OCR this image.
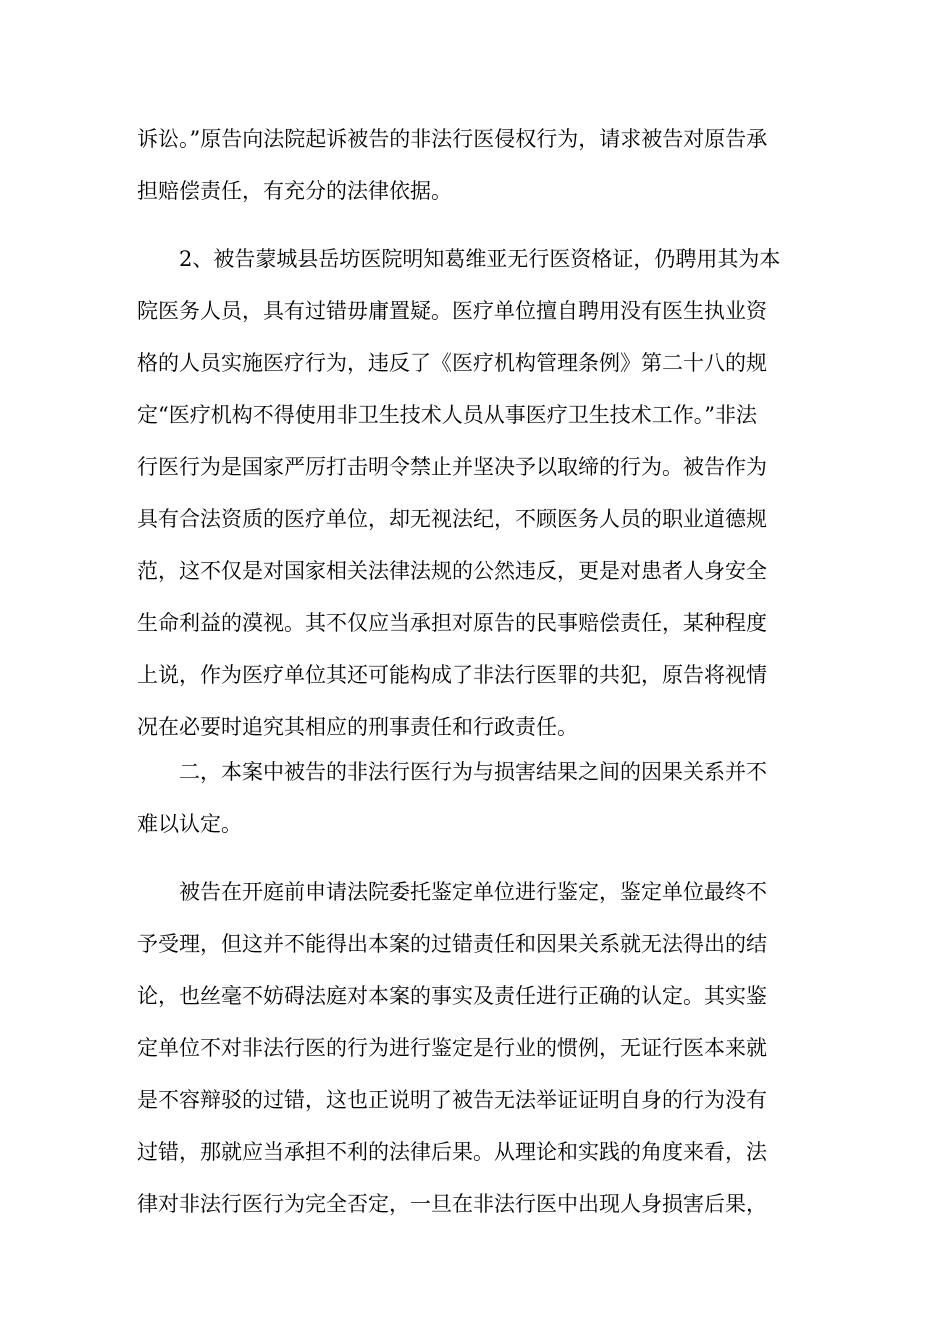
诉讼。”原告向法院起诉被告的非法行医侵权行为，请求被告对原告承
担赔偿责任，有充分的法律依据。
2、被告蒙城县岳坊医院明知葛维亚无行医资格证，仍聘用其为本
院医务人员，具有过错毋庸置疑。医疗单位擅自聘用没有医生执业资
格的人员实施医疗行为，违反了《医疗机构管理条例》第二十八的规
定“医疗机构不得使用非卫生技术人员从事医疗卫生技术工作。”非法
行医行为是国家严厉打击明令禁止并坚决予以取缔的行为。被告作为
具有合法资质的医疗单位，却无视法纪，不顾医务人员的职业道德规
范，这不仅是对国家相关法律法规的公然违反，更是对患者人身安全
生命利益的漠视。其不仅应当承担对原告的民事赔偿责任，某种程度
上说，作为医疗单位其还可能构成了非法行医罪的共犯，原告将视情
况在必要时追究其相应的刑事责任和行政责任。
二，本案中被告的非法行医行为与损害结果之间的因果关系并不
难以认定。
被告在开庭前申请法院委托鉴定单位进行鉴定，鉴定单位最终不
予受理，但这并不能得出本案的过错责任和因果关系就无法得出的结
论，也丝毫不妨碍法庭对本案的事实及责任进行正确的认定。其实鉴
定单位不对非法行医的行为进行鉴定是行业的惯例，无证行医本来就
是不容辩驳的过错，这也正说明了被告无法举证证明自身的行为没有
过错，那就应当承担不利的法律后果。从理论和实践的角度来看，法
律对非法行医行为完全否定，一旦在非法行医中出现人身损害后果，
